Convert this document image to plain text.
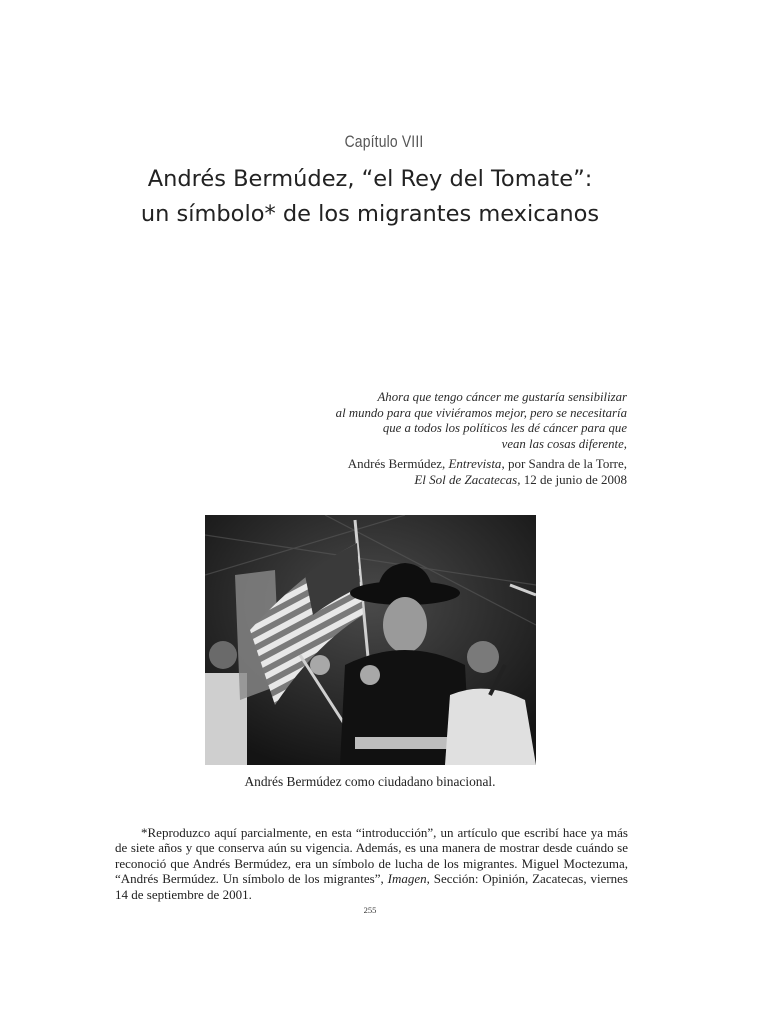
Capítulo VIII
Andrés Bermúdez, “el Rey del Tomate”:
un símbolo* de los migrantes mexicanos
Ahora que tengo cáncer me gustaría sensibilizar
al mundo para que viviéramos mejor, pero se necesitaría
que a todos los políticos les dé cáncer para que
vean las cosas diferente,
Andrés Bermúdez, Entrevista, por Sandra de la Torre,
El Sol de Zacatecas, 12 de junio de 2008
Andrés Bermúdez como ciudadano binacional.
*Reproduzco aquí parcialmente, en esta “introducción”, un artículo que escribí hace ya más de siete años y que conserva aún su vigencia. Además, es una manera de mostrar desde cuándo se reconoció que Andrés Bermúdez, era un símbolo de lucha de los migrantes. Miguel Moctezuma, “Andrés Bermúdez. Un símbolo de los migrantes”, Imagen, Sección: Opinión, Zacatecas, viernes 14 de septiembre de 2001.
255
